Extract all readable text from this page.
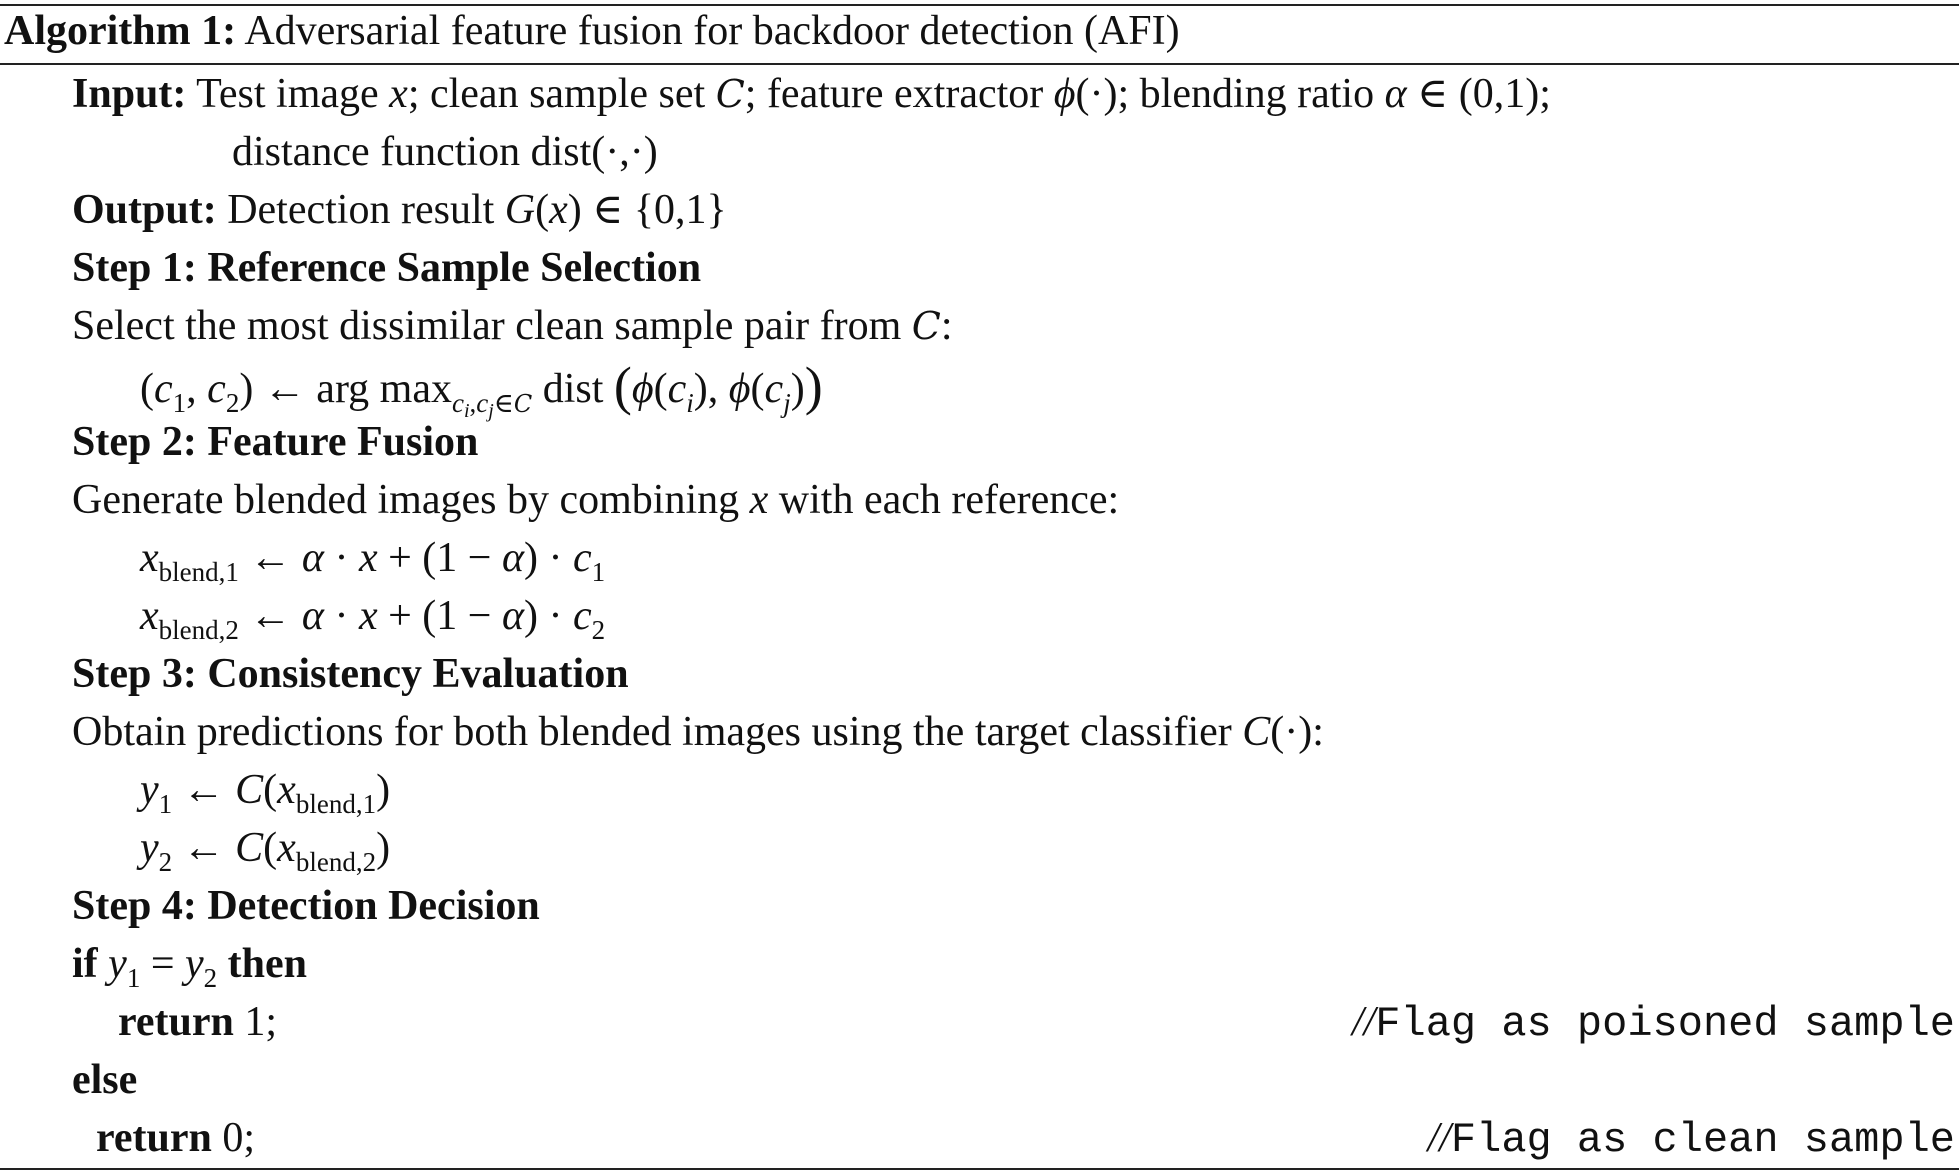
Algorithm 1: Adversarial feature fusion for backdoor detection (AFI)
Input: Test image x; clean sample set C; feature extractor ϕ(·); blending ratio α ∈ (0,1);
distance function dist(·,·)
Output: Detection result G(x) ∈ {0,1}
Step 1: Reference Sample Selection
Select the most dissimilar clean sample pair from C:
($c_1$, $c_2$) ← arg $\max_{ci,cj\in C}$ dist ($\phi(c_i)$, $\phi(c_j)$)
Step 2: Feature Fusion
Generate blended images by combining x with each reference:
$x_{blend,1}$ ← $\alpha \cdot x + (1 - \alpha) \cdot c_1$
$x_{blend,2}$ ← $\alpha \cdot x + (1 - \alpha) \cdot c_2$
Step 3: Consistency Evaluation
Obtain predictions for both blended images using the target classifier C(·):
$y_1$ ← $C(x_{blend,1})$
$y_2$ ← $C(x_{blend,2})$
Step 4: Detection Decision
if $y_1 = y_2$ then
return 1;	//Flag as poisoned sample
else
return 0;	//Flag as clean sample
